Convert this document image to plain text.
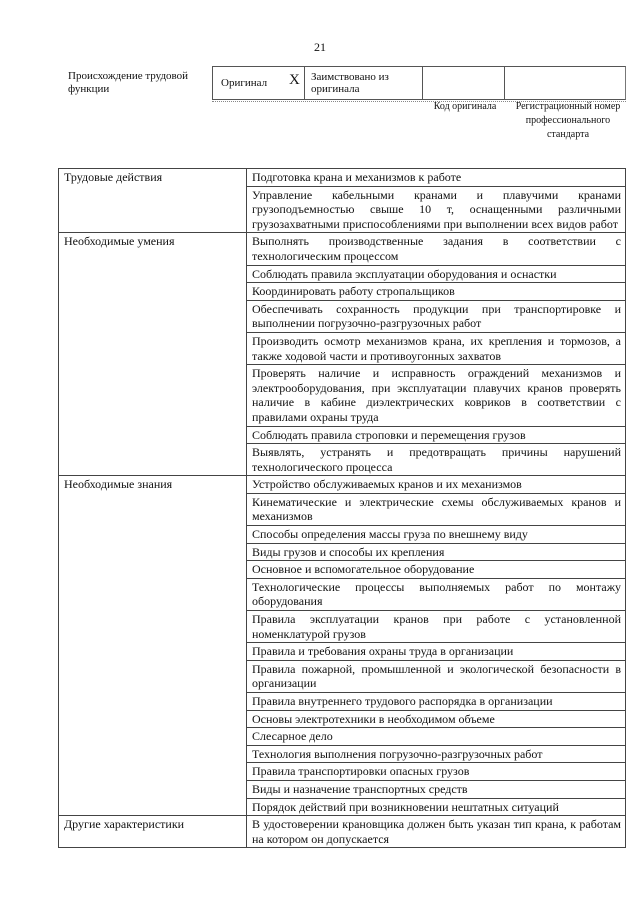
21
Происхождение трудовой функции	Оригинал X	Заимствовано из оригинала
Код оригинала	Регистрационный номер профессионального стандарта
Трудовые действия	Подготовка крана и механизмов к работе
	Управление кабельными кранами и плавучими кранами грузоподъемностью свыше 10 т, оснащенными различными грузозахватными приспособлениями при выполнении всех видов работ
Необходимые умения	Выполнять производственные задания в соответствии с технологическим процессом
	Соблюдать правила эксплуатации оборудования и оснастки
	Координировать работу стропальщиков
	Обеспечивать сохранность продукции при транспортировке и выполнении погрузочно-разгрузочных работ
	Производить осмотр механизмов крана, их крепления и тормозов, а также ходовой части и противоугонных захватов
	Проверять наличие и исправность ограждений механизмов и электрооборудования, при эксплуатации плавучих кранов проверять наличие в кабине диэлектрических ковриков в соответствии с правилами охраны труда
	Соблюдать правила строповки и перемещения грузов
	Выявлять, устранять и предотвращать причины нарушений технологического процесса
Необходимые знания	Устройство обслуживаемых кранов и их механизмов
	Кинематические и электрические схемы обслуживаемых кранов и механизмов
	Способы определения массы груза по внешнему виду
	Виды грузов и способы их крепления
	Основное и вспомогательное оборудование
	Технологические процессы выполняемых работ по монтажу оборудования
	Правила эксплуатации кранов при работе с установленной номенклатурой грузов
	Правила и требования охраны труда в организации
	Правила пожарной, промышленной и экологической безопасности в организации
	Правила внутреннего трудового распорядка в организации
	Основы электротехники в необходимом объеме
	Слесарное дело
	Технология выполнения погрузочно-разгрузочных работ
	Правила транспортировки опасных грузов
	Виды и назначение транспортных средств
	Порядок действий при возникновении нештатных ситуаций
Другие характеристики	В удостоверении крановщика должен быть указан тип крана, к работам на котором он допускается
